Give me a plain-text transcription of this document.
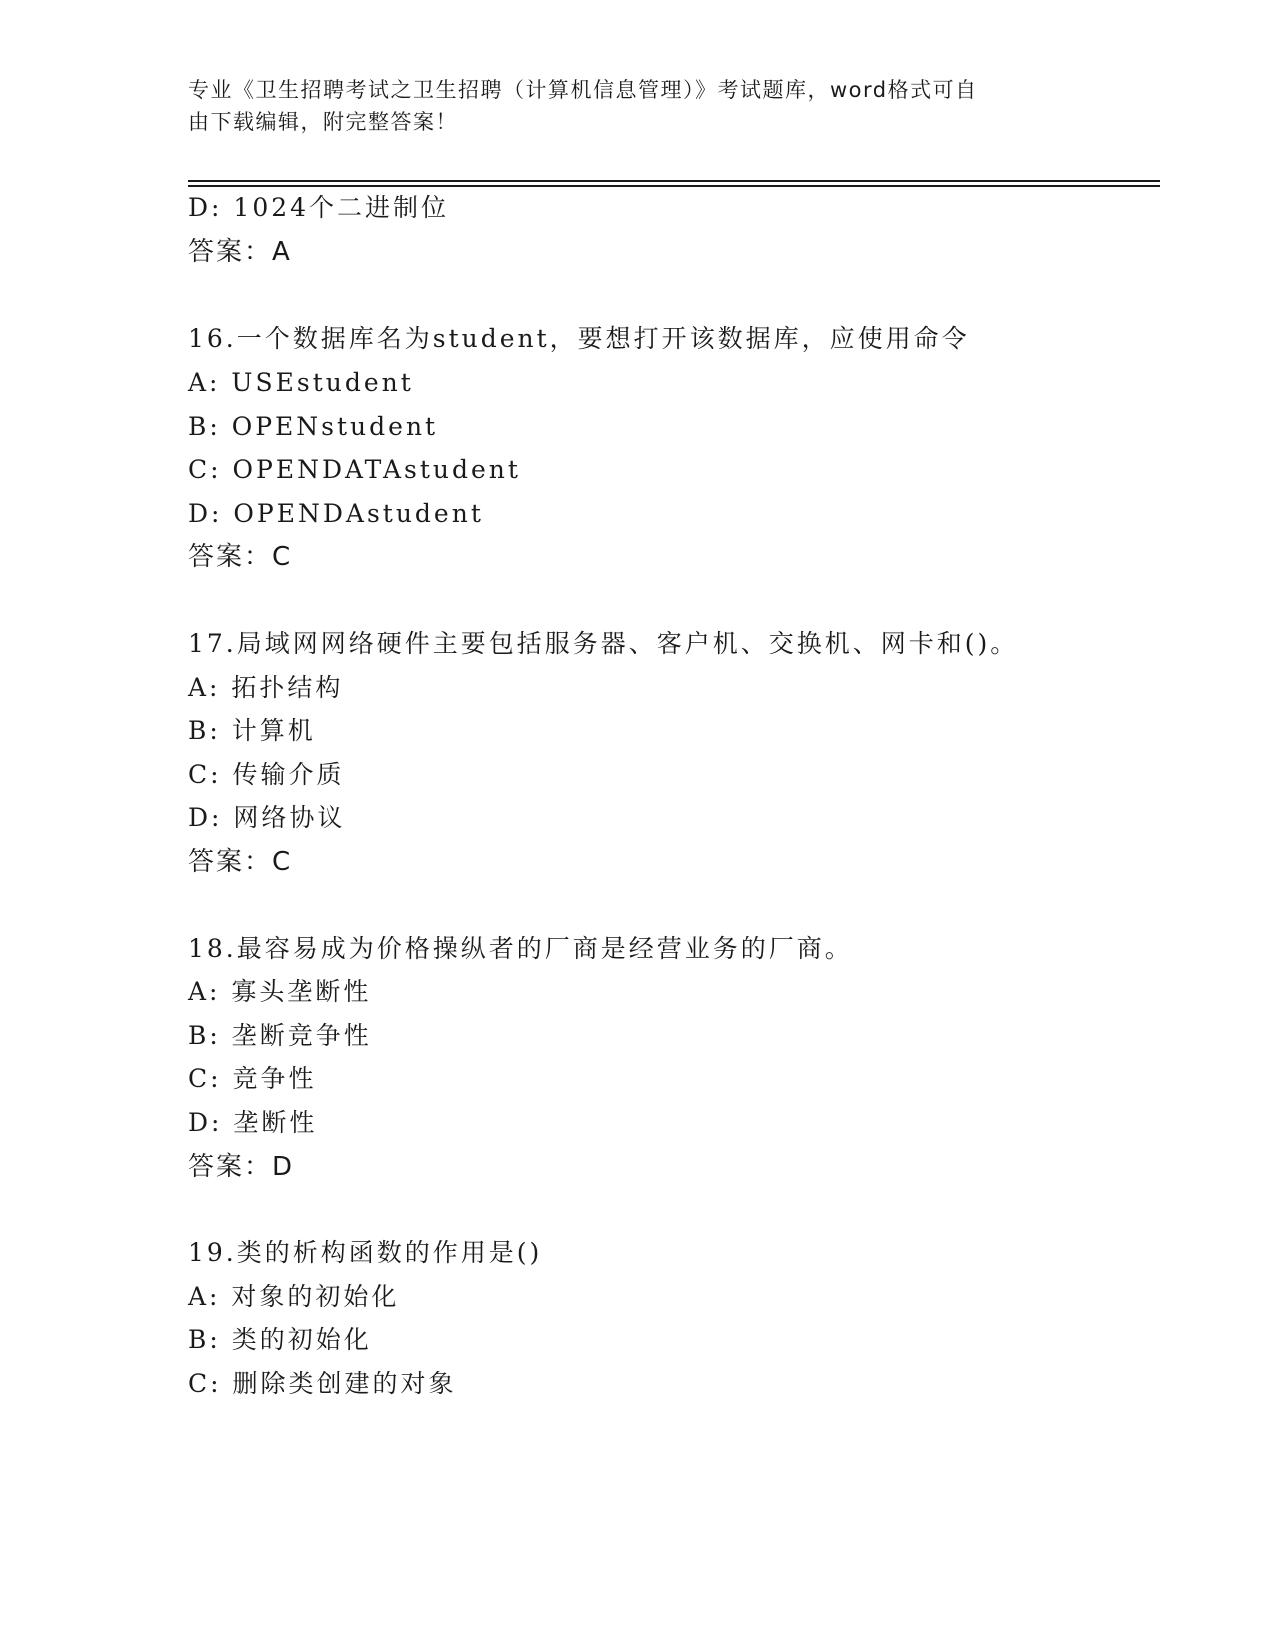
专业《卫生招聘考试之卫生招聘（计算机信息管理）》考试题库，word格式可自
由下载编辑，附完整答案！
D: 1024个二进制位
答案：A
16.一个数据库名为student，要想打开该数据库，应使用命令
A: USEstudent
B: OPENstudent
C: OPENDATAstudent
D: OPENDAstudent
答案：C
17.局域网网络硬件主要包括服务器、客户机、交换机、网卡和()。
A: 拓扑结构
B: 计算机
C: 传输介质
D: 网络协议
答案：C
18.最容易成为价格操纵者的厂商是经营业务的厂商。
A: 寡头垄断性
B: 垄断竞争性
C: 竞争性
D: 垄断性
答案：D
19.类的析构函数的作用是()
A: 对象的初始化
B: 类的初始化
C: 删除类创建的对象
